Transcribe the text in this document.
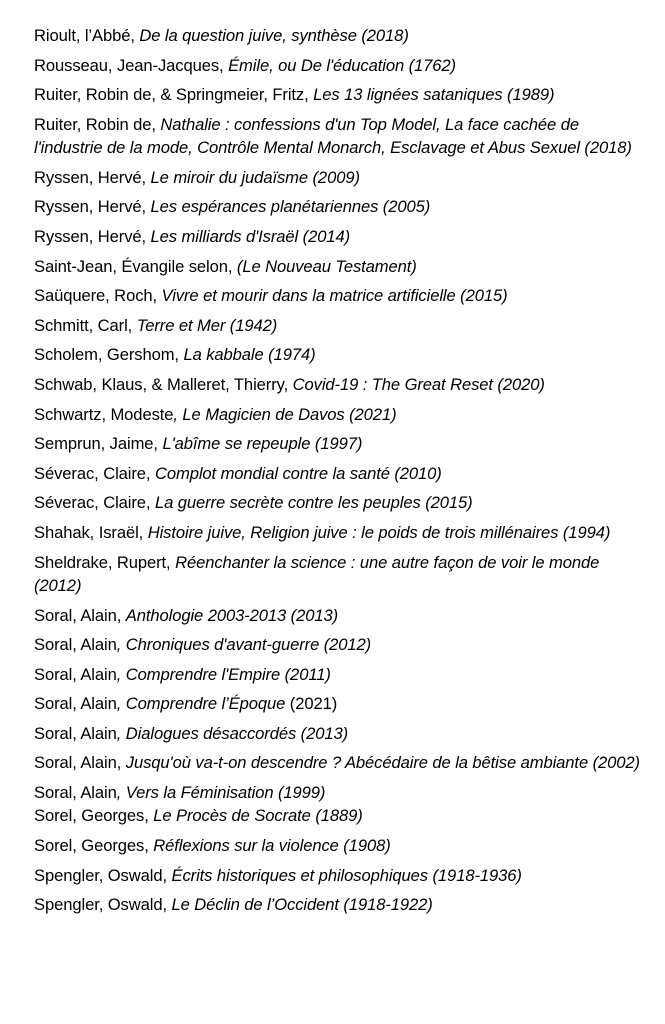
Rioult, l’Abbé, De la question juive, synthèse (2018)
Rousseau, Jean-Jacques, Émile, ou De l'éducation (1762)
Ruiter, Robin de, & Springmeier, Fritz, Les 13 lignées sataniques (1989)
Ruiter, Robin de, Nathalie : confessions d'un Top Model, La face cachée de l'industrie de la mode, Contrôle Mental Monarch, Esclavage et Abus Sexuel (2018)
Ryssen, Hervé, Le miroir du judaïsme (2009)
Ryssen, Hervé, Les espérances planétariennes (2005)
Ryssen, Hervé, Les milliards d'Israël (2014)
Saint-Jean, Évangile selon, (Le Nouveau Testament)
Saüquere, Roch, Vivre et mourir dans la matrice artificielle (2015)
Schmitt, Carl, Terre et Mer (1942)
Scholem, Gershom, La kabbale (1974)
Schwab, Klaus, & Malleret, Thierry, Covid-19 : The Great Reset (2020)
Schwartz, Modeste, Le Magicien de Davos (2021)
Semprun, Jaime, L'abîme se repeuple (1997)
Séverac, Claire, Complot mondial contre la santé (2010)
Séverac, Claire, La guerre secrète contre les peuples (2015)
Shahak, Israël, Histoire juive, Religion juive : le poids de trois millénaires (1994)
Sheldrake, Rupert, Réenchanter la science : une autre façon de voir le monde (2012)
Soral, Alain, Anthologie 2003-2013 (2013)
Soral, Alain, Chroniques d'avant-guerre (2012)
Soral, Alain, Comprendre l'Empire (2011)
Soral, Alain, Comprendre l’Époque (2021)
Soral, Alain, Dialogues désaccordés (2013)
Soral, Alain, Jusqu'où va-t-on descendre ? Abécédaire de la bêtise ambiante (2002)
Soral, Alain, Vers la Féminisation (1999)
Sorel, Georges, Le Procès de Socrate (1889)
Sorel, Georges, Réflexions sur la violence (1908)
Spengler, Oswald, Écrits historiques et philosophiques (1918-1936)
Spengler, Oswald, Le Déclin de l’Occident (1918-1922)
